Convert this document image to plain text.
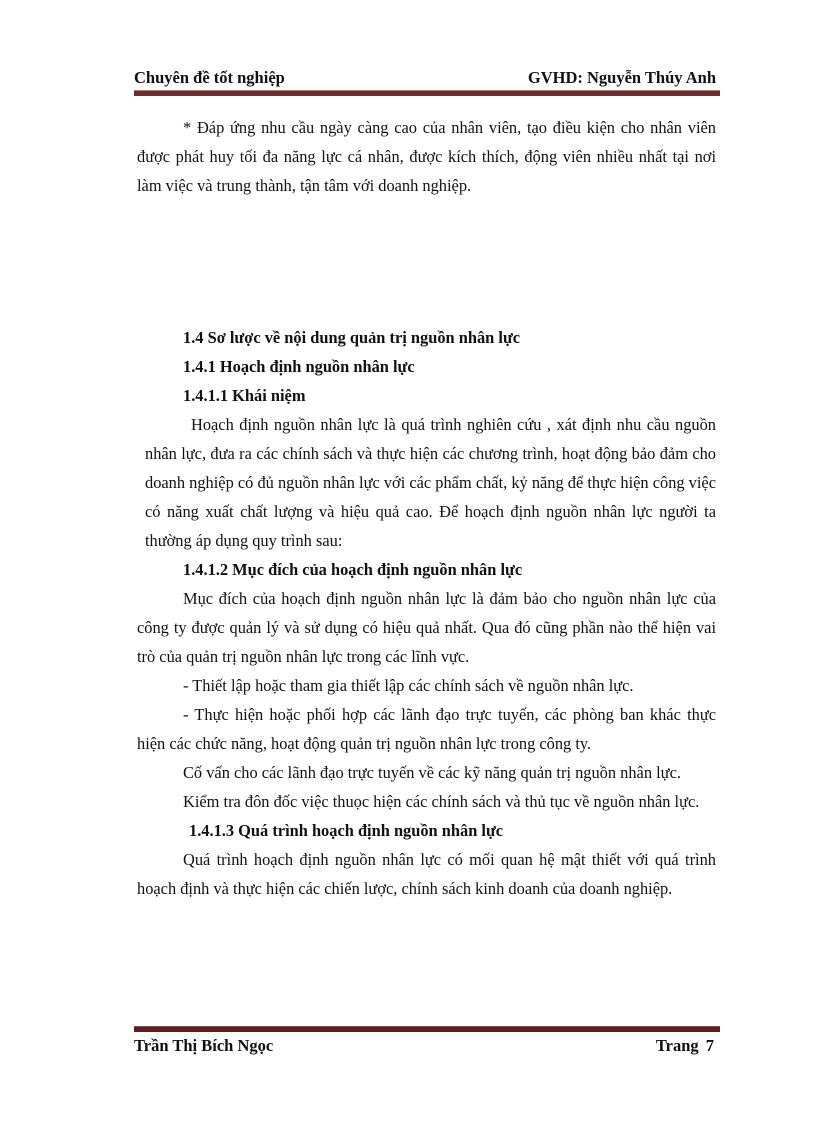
Chuyên đề tốt nghiệp	GVHD: Nguyễn Thúy Anh

* Đáp ứng nhu cầu ngày càng cao của nhân viên, tạo điều kiện cho nhân viên được phát huy tối đa năng lực cá nhân, được kích thích, động viên nhiều nhất tại nơi làm việc và trung thành, tận tâm với doanh nghiệp.

1.4 Sơ lược về nội dung quản trị nguồn nhân lực

1.4.1 Hoạch định nguồn nhân lực

1.4.1.1 Khái niệm

Hoạch định nguồn nhân lực là quá trình nghiên cứu , xát định nhu cầu nguồn nhân lực, đưa ra các chính sách và thực hiện các chương trình, hoạt động bảo đảm cho doanh nghiệp có đủ nguồn nhân lực với các phẩm chất, kỷ năng để thực hiện công việc có năng xuất chất lượng và hiệu quả cao. Để hoạch định nguồn nhân lực người ta thường áp dụng quy trình sau:

1.4.1.2 Mục đích của hoạch định nguồn nhân lực

Mục đích của hoạch định nguồn nhân lực là đảm bảo cho nguồn nhân lực của công ty được quản lý và sử dụng có hiệu quả nhất. Qua đó cũng phần nào thể hiện vai trò của quản trị nguồn nhân lực trong các lĩnh vực.

- Thiết lập hoặc tham gia thiết lập các chính sách về nguồn nhân lực.

- Thực hiện hoặc phối hợp các lãnh đạo trực tuyến, các phòng ban khác thực hiện các chức năng, hoạt động quản trị nguồn nhân lực trong công ty.

Cố vấn cho các lãnh đạo trực tuyến về các kỹ năng quản trị nguồn nhân lực.

Kiểm tra đôn đốc việc thuọc hiện các chính sách và thủ tục về nguồn nhân lực.

1.4.1.3 Quá trình hoạch định nguồn nhân lực

Quá trình hoạch định nguồn nhân lực có mối quan hệ mật thiết với quá trình hoạch định và thực hiện các chiến lược, chính sách kinh doanh của doanh nghiệp.

Trần Thị Bích Ngọc	Trang 7
